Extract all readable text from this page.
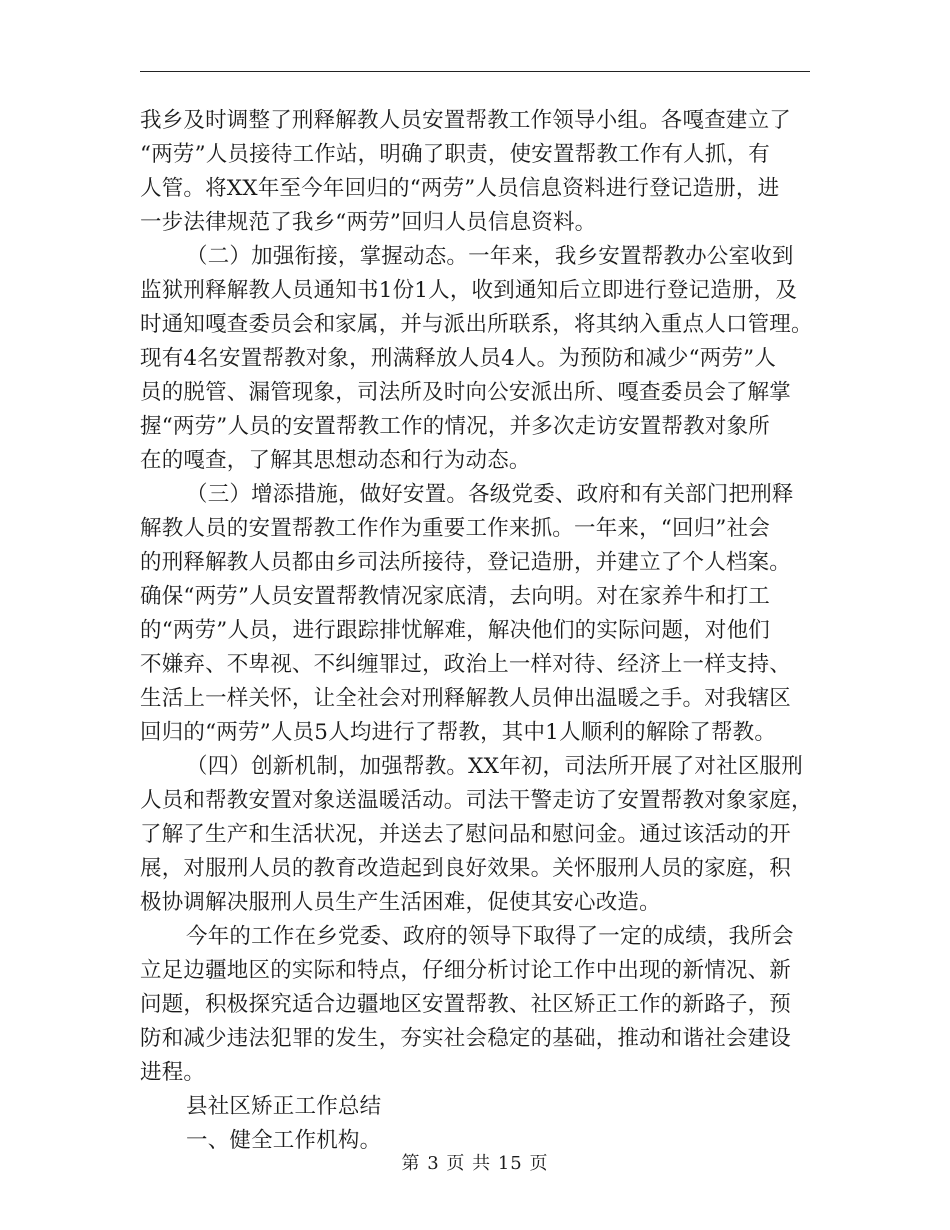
我乡及时调整了刑释解教人员安置帮教工作领导小组。各嘎查建立了
“两劳”人员接待工作站，明确了职责，使安置帮教工作有人抓，有
人管。将XX年至今年回归的“两劳”人员信息资料进行登记造册，进
一步法律规范了我乡“两劳”回归人员信息资料。
（二）加强衔接，掌握动态。一年来，我乡安置帮教办公室收到
监狱刑释解教人员通知书1份1人，收到通知后立即进行登记造册，及
时通知嘎查委员会和家属，并与派出所联系，将其纳入重点人口管理。
现有4名安置帮教对象，刑满释放人员4人。为预防和减少“两劳”人
员的脱管、漏管现象，司法所及时向公安派出所、嘎查委员会了解掌
握“两劳”人员的安置帮教工作的情况，并多次走访安置帮教对象所
在的嘎查，了解其思想动态和行为动态。
（三）增添措施，做好安置。各级党委、政府和有关部门把刑释
解教人员的安置帮教工作作为重要工作来抓。一年来，“回归”社会
的刑释解教人员都由乡司法所接待，登记造册，并建立了个人档案。
确保“两劳”人员安置帮教情况家底清，去向明。对在家养牛和打工
的“两劳”人员，进行跟踪排忧解难，解决他们的实际问题，对他们
不嫌弃、不卑视、不纠缠罪过，政治上一样对待、经济上一样支持、
生活上一样关怀，让全社会对刑释解教人员伸出温暖之手。对我辖区
回归的“两劳”人员5人均进行了帮教，其中1人顺利的解除了帮教。
（四）创新机制，加强帮教。XX年初，司法所开展了对社区服刑
人员和帮教安置对象送温暖活动。司法干警走访了安置帮教对象家庭，
了解了生产和生活状况，并送去了慰问品和慰问金。通过该活动的开
展，对服刑人员的教育改造起到良好效果。关怀服刑人员的家庭，积
极协调解决服刑人员生产生活困难，促使其安心改造。
今年的工作在乡党委、政府的领导下取得了一定的成绩，我所会
立足边疆地区的实际和特点，仔细分析讨论工作中出现的新情况、新
问题，积极探究适合边疆地区安置帮教、社区矫正工作的新路子，预
防和减少违法犯罪的发生，夯实社会稳定的基础，推动和谐社会建设
进程。
县社区矫正工作总结
一、健全工作机构。
第 3 页 共 15 页
